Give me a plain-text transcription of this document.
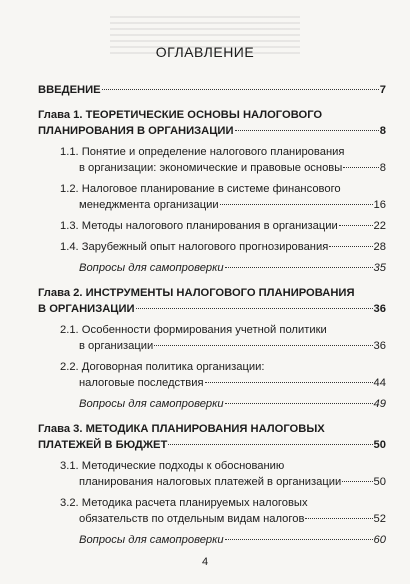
ОГЛАВЛЕНИЕ
ВВЕДЕНИЕ	7
Глава 1. ТЕОРЕТИЧЕСКИЕ ОСНОВЫ НАЛОГОВОГО
ПЛАНИРОВАНИЯ В ОРГАНИЗАЦИИ	8
1.1. Понятие и определение налогового планирования
в организации: экономические и правовые основы	8
1.2. Налоговое планирование в системе финансового
менеджмента организации	16
1.3. Методы налогового планирования в организации	22
1.4. Зарубежный опыт налогового прогнозирования	28
Вопросы для самопроверки	35
Глава 2. ИНСТРУМЕНТЫ НАЛОГОВОГО ПЛАНИРОВАНИЯ
В ОРГАНИЗАЦИИ	36
2.1. Особенности формирования учетной политики
в организации	36
2.2. Договорная политика организации:
налоговые последствия	44
Вопросы для самопроверки	49
Глава 3. МЕТОДИКА ПЛАНИРОВАНИЯ НАЛОГОВЫХ
ПЛАТЕЖЕЙ В БЮДЖЕТ	50
3.1. Методические подходы к обоснованию
планирования налоговых платежей в организации	50
3.2. Методика расчета планируемых налоговых
обязательств по отдельным видам налогов	52
Вопросы для самопроверки	60
4
